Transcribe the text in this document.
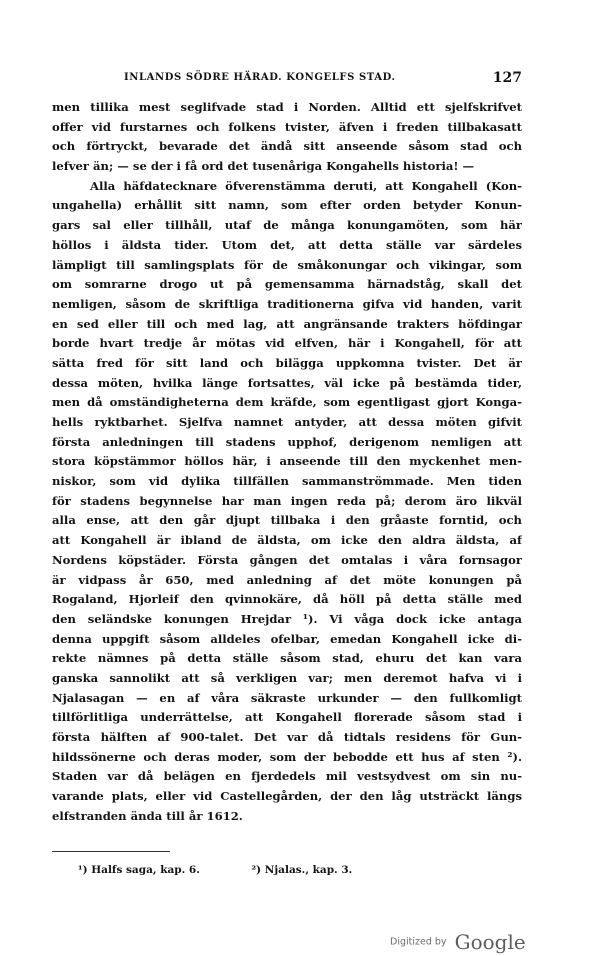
INLANDS SÖDRE HÄRAD. KONGELFS STAD.	127
men tillika mest seglifvade stad i Norden. Alltid ett sjelfskrifvet
offer vid furstarnes och folkens tvister, äfven i freden tillbakasatt
och förtryckt, bevarade det ändå sitt anseende såsom stad och
lefver än; — se der i få ord det tusenåriga Kongahells historia! —
Alla häfdatecknare öfverenstämma deruti, att Kongahell (Kon-
ungahella) erhållit sitt namn, som efter orden betyder Konun-
gars sal eller tillhåll, utaf de många konungamöten, som här
höllos i äldsta tider. Utom det, att detta ställe var särdeles
lämpligt till samlingsplats för de småkonungar och vikingar, som
om somrarne drogo ut på gemensamma härnadståg, skall det
nemligen, såsom de skriftliga traditionerna gifva vid handen, varit
en sed eller till och med lag, att angränsande trakters höfdingar
borde hvart tredje år mötas vid elfven, här i Kongahell, för att
sätta fred för sitt land och bilägga uppkomna tvister. Det är
dessa möten, hvilka länge fortsattes, väl icke på bestämda tider,
men då omständigheterna dem kräfde, som egentligast gjort Konga-
hells ryktbarhet. Sjelfva namnet antyder, att dessa möten gifvit
första anledningen till stadens upphof, derigenom nemligen att
stora köpstämmor höllos här, i anseende till den myckenhet men-
niskor, som vid dylika tillfällen sammanströmmade. Men tiden
för stadens begynnelse har man ingen reda på; derom äro likväl
alla ense, att den går djupt tillbaka i den gråaste forntid, och
att Kongahell är ibland de äldsta, om icke den aldra äldsta, af
Nordens köpstäder. Första gången det omtalas i våra fornsagor
är vidpass år 650, med anledning af det möte konungen på
Rogaland, Hjorleif den qvinnokäre, då höll på detta ställe med
den seländske konungen Hrejdar ¹). Vi våga dock icke antaga
denna uppgift såsom alldeles ofelbar, emedan Kongahell icke di-
rekte nämnes på detta ställe såsom stad, ehuru det kan vara
ganska sannolikt att så verkligen var; men deremot hafva vi i
Njalasagan — en af våra säkraste urkunder — den fullkomligt
tillförlitliga underrättelse, att Kongahell florerade såsom stad i
första hälften af 900-talet. Det var då tidtals residens för Gun-
hildssönerne och deras moder, som der bebodde ett hus af sten ²).
Staden var då belägen en fjerdedels mil vestsydvest om sin nu-
varande plats, eller vid Castellegården, der den låg utsträckt längs
elfstranden ända till år 1612.
¹) Halfs saga, kap. 6.	²) Njalas., kap. 3.
Digitized by Google
